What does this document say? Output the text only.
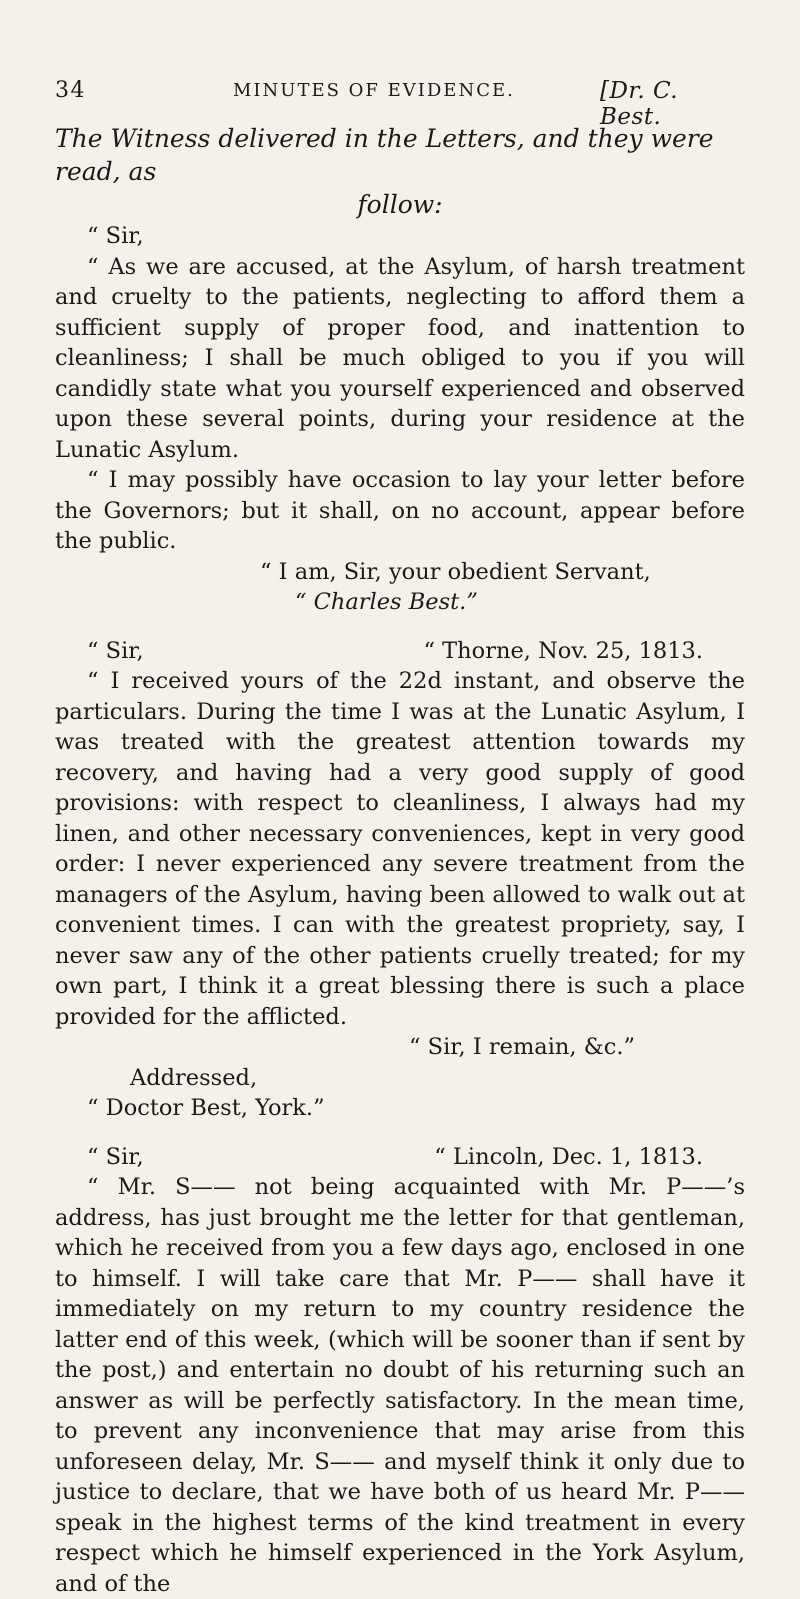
34	MINUTES OF EVIDENCE.	[Dr. C. Best.
The Witness delivered in the Letters, and they were read, as
follow:

“ Sir,

“ As we are accused, at the Asylum, of harsh treatment and cruelty to the patients, neglecting to afford them a sufficient supply of proper food, and inattention to cleanliness; I shall be much obliged to you if you will candidly state what you yourself experienced and observed upon these several points, during your residence at the Lunatic Asylum.

“ I may possibly have occasion to lay your letter before the Governors; but it shall, on no account, appear before the public.

“ I am, Sir, your obedient Servant,

“ Charles Best.”

“ Sir,	“ Thorne, Nov. 25, 1813.

“ I received yours of the 22d instant, and observe the particulars. During the time I was at the Lunatic Asylum, I was treated with the greatest attention towards my recovery, and having had a very good supply of good provisions: with respect to cleanliness, I always had my linen, and other necessary conveniences, kept in very good order: I never experienced any severe treatment from the managers of the Asylum, having been allowed to walk out at convenient times. I can with the greatest propriety, say, I never saw any of the other patients cruelly treated; for my own part, I think it a great blessing there is such a place provided for the afflicted.

“ Sir, I remain, &c.”

Addressed,

“ Doctor Best, York.”

“ Sir,	“ Lincoln, Dec. 1, 1813.

“ Mr. S—— not being acquainted with Mr. P——’s address, has just brought me the letter for that gentleman, which he received from you a few days ago, enclosed in one to himself. I will take care that Mr. P—— shall have it immediately on my return to my country residence the latter end of this week, (which will be sooner than if sent by the post,) and entertain no doubt of his returning such an answer as will be perfectly satisfactory. In the mean time, to prevent any inconvenience that may arise from this unforeseen delay, Mr. S—— and myself think it only due to justice to declare, that we have both of us heard Mr. P—— speak in the highest terms of the kind treatment in every respect which he himself experienced in the York Asylum, and of the
